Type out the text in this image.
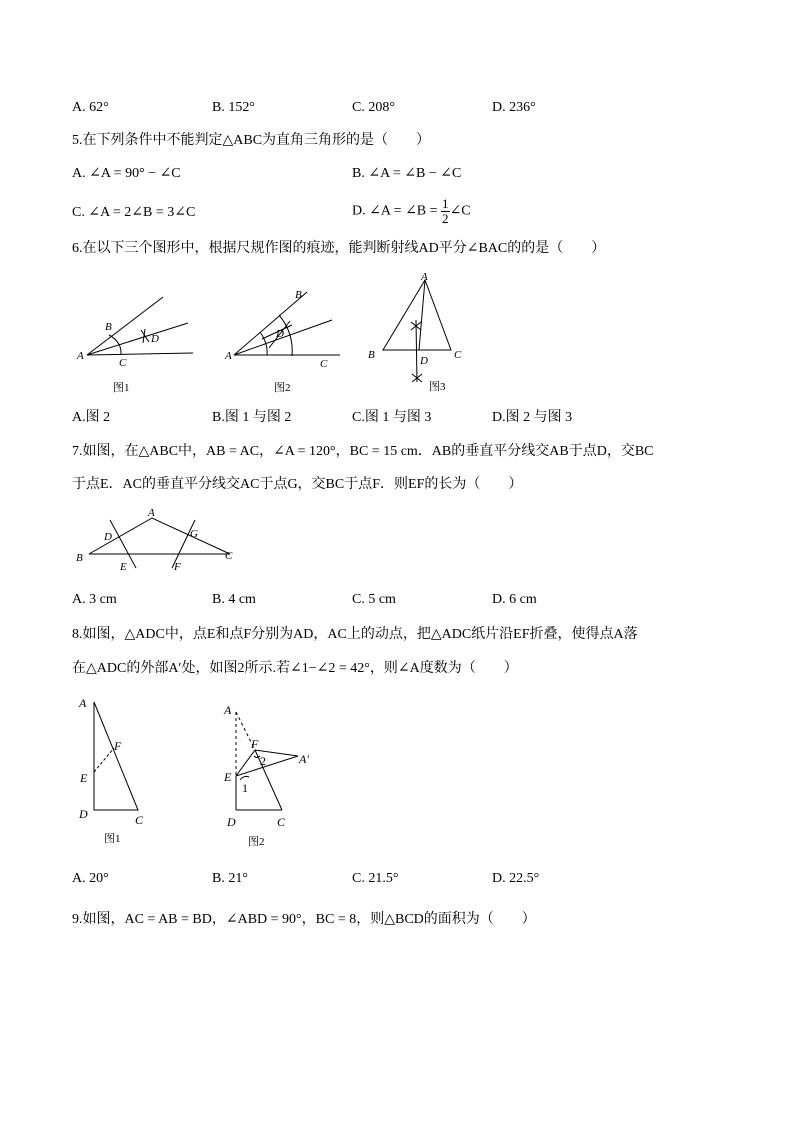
A. 62°	B. 152°	C. 208°	D. 236°
5.在下列条件中不能判定△ABC为直角三角形的是（　　）
A. ∠A = 90° − ∠C	B. ∠A = ∠B − ∠C
C. ∠A = 2∠B = 3∠C	D. ∠A = ∠B = $\frac{1}{2}$ ∠C
6.在以下三个图形中，根据尺规作图的痕迹，能判断射线AD平分∠BAC的的是（　　）
A
B
C
D
图1
A
B
C
D
图2
A
B	C
D
图3
A.图 2	B.图 1 与图 2	C.图 1 与图 3	D.图 2 与图 3
7.如图，在△ABC中，AB = AC，∠A = 120°，BC = 15 cm．AB的垂直平分线交AB于点D，交BC
于点E．AC的垂直平分线交AC于点G，交BC于点F．则EF的长为（　　）
A
B	C
D
E	F
G
A. 3 cm	B. 4 cm	C. 5 cm	D. 6 cm
8.如图，△ADC中，点E和点F分别为AD，AC上的动点，把△ADC纸片沿EF折叠，使得点A落
在△ADC的外部A′处，如图2所示.若∠1−∠2 = 42°，则∠A度数为（　　）
A
E
F
D	C
图1
A
F
A′
E
1
2
D	C
图2
A. 20°	B. 21°	C. 21.5°	D. 22.5°
9.如图，AC = AB = BD，∠ABD = 90°，BC = 8，则△BCD的面积为（　　）
